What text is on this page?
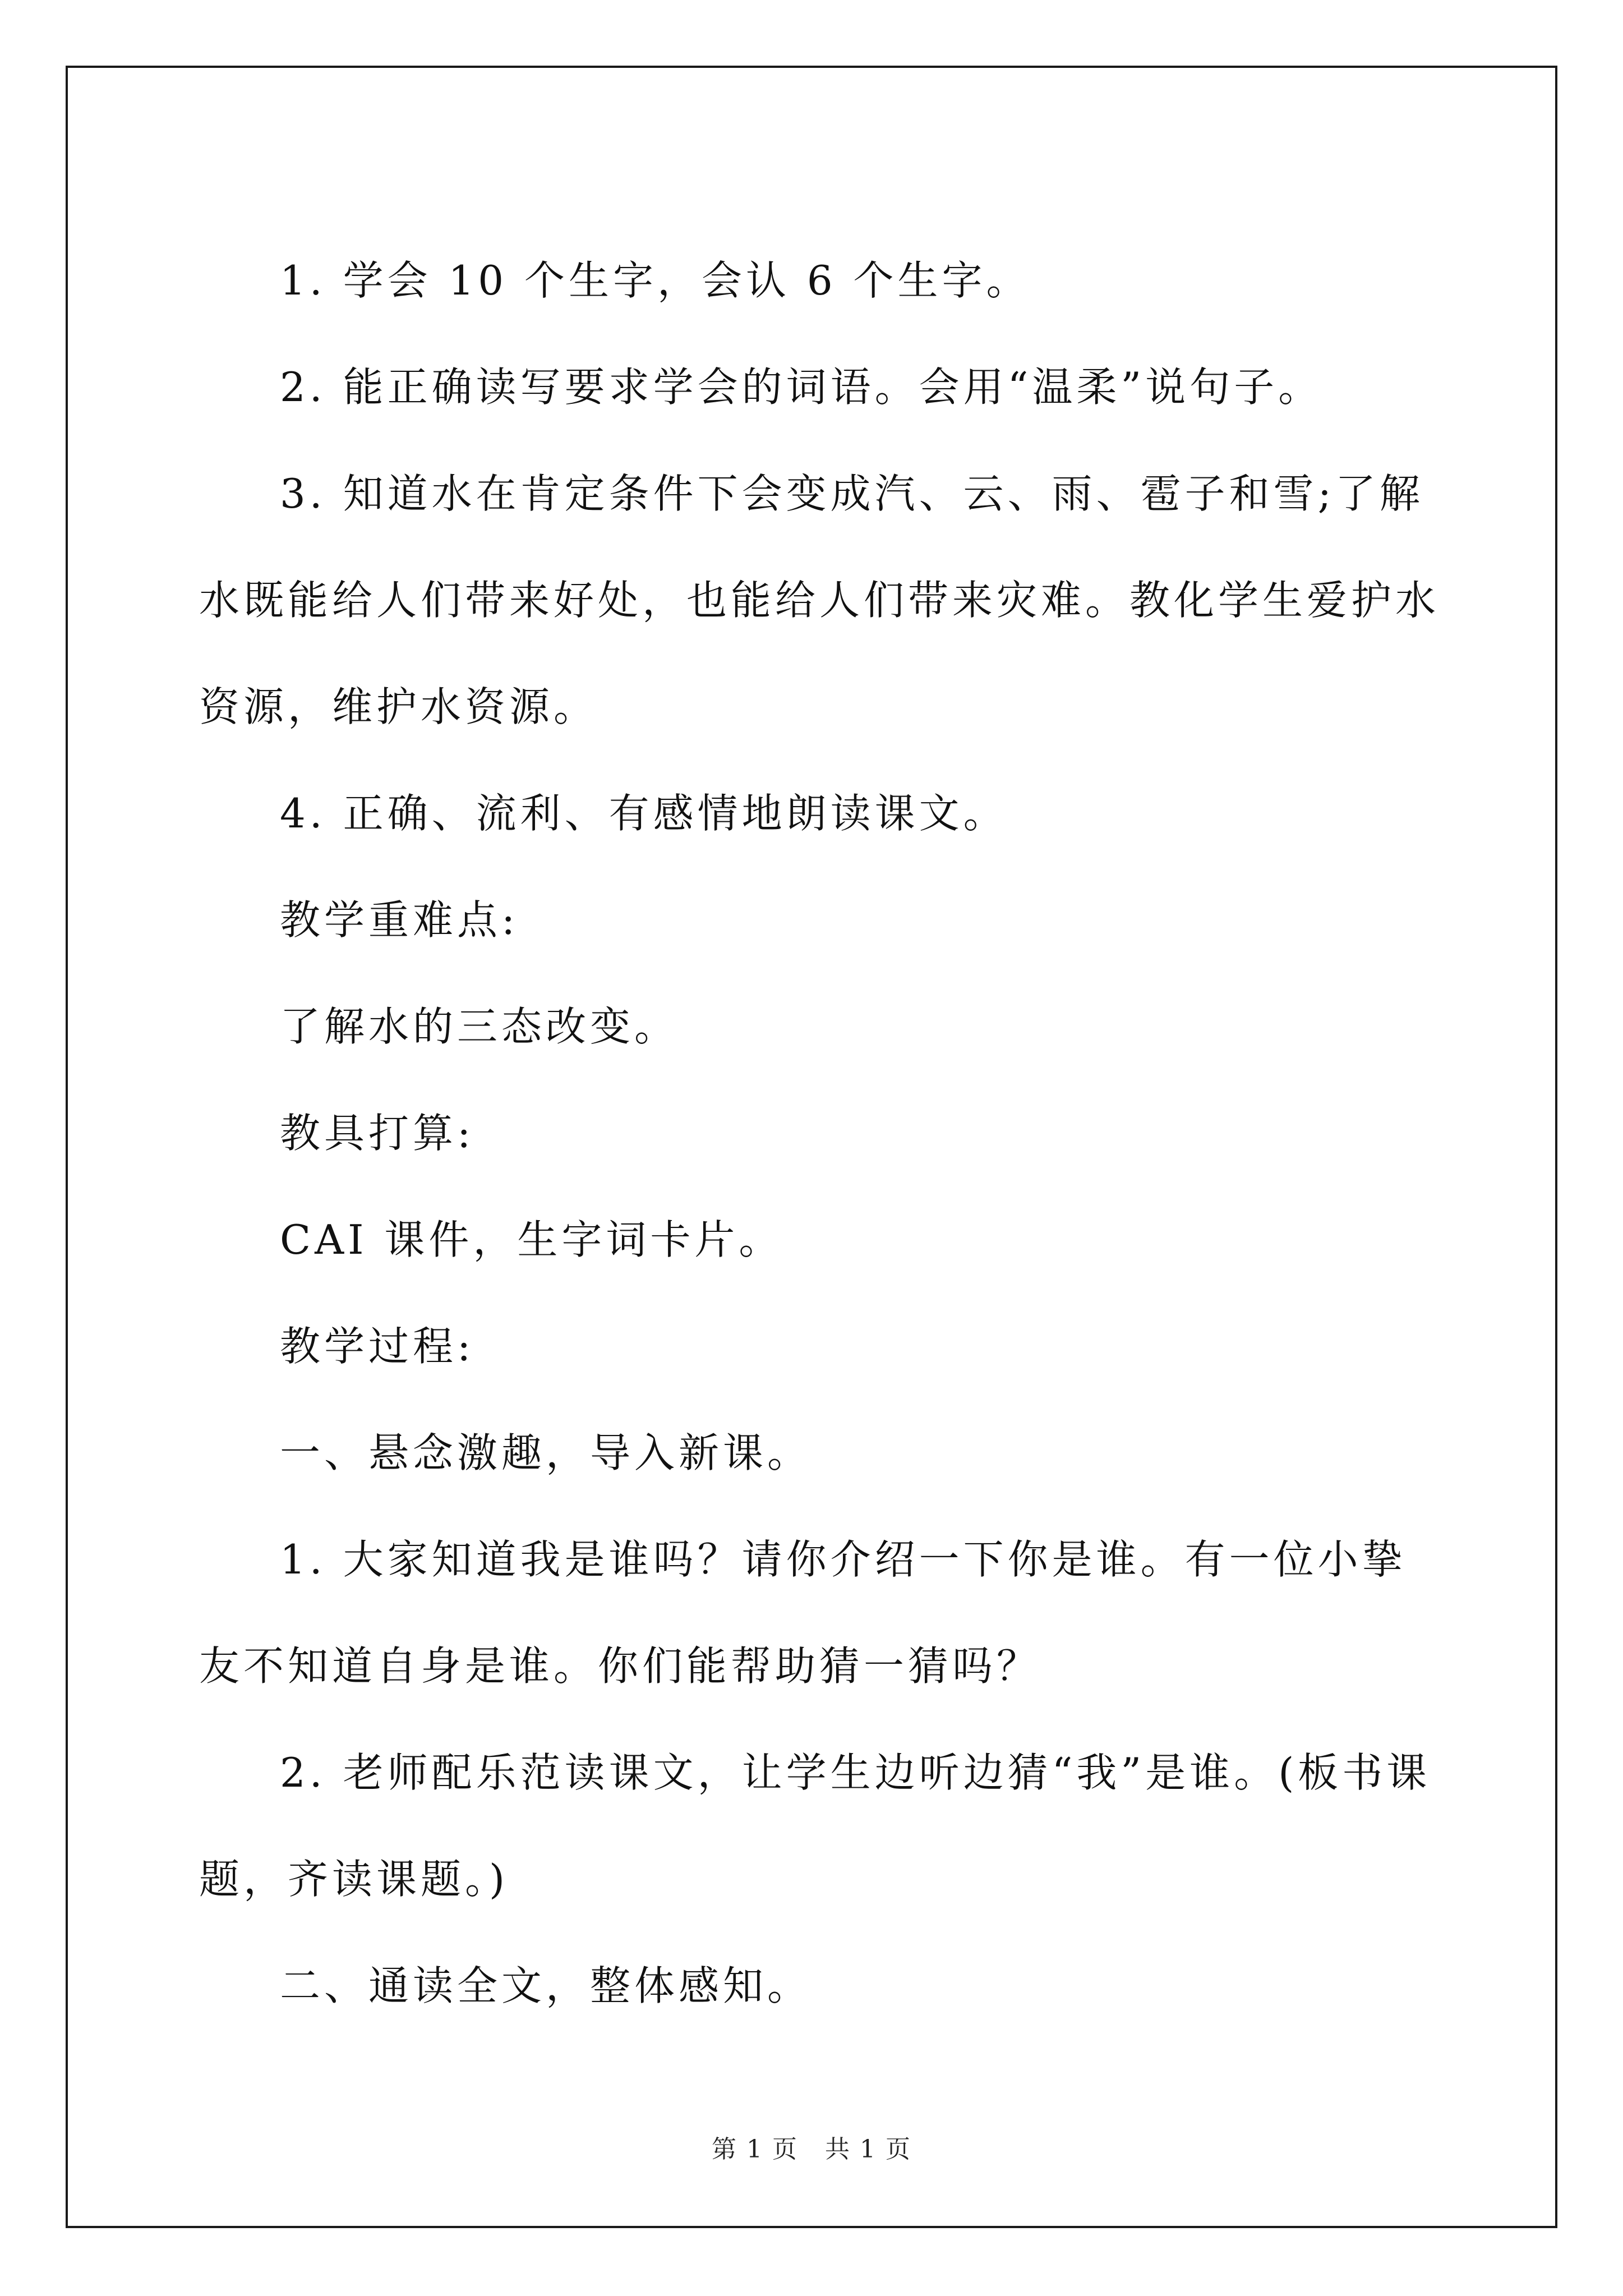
1. 学会 10 个生字，会认 6 个生字。

2. 能正确读写要求学会的词语。会用“温柔”说句子。

3. 知道水在肯定条件下会变成汽、云、雨、雹子和雪;了解水既能给人们带来好处，也能给人们带来灾难。教化学生爱护水资源，维护水资源。

4. 正确、流利、有感情地朗读课文。

教学重难点:

了解水的三态改变。

教具打算:

CAI 课件，生字词卡片。

教学过程:

一、悬念激趣，导入新课。

1. 大家知道我是谁吗？请你介绍一下你是谁。有一位小挚友不知道自身是谁。你们能帮助猜一猜吗？

2. 老师配乐范读课文，让学生边听边猜“我”是谁。(板书课题，齐读课题。)

二、通读全文，整体感知。

第 1 页 共 1 页
